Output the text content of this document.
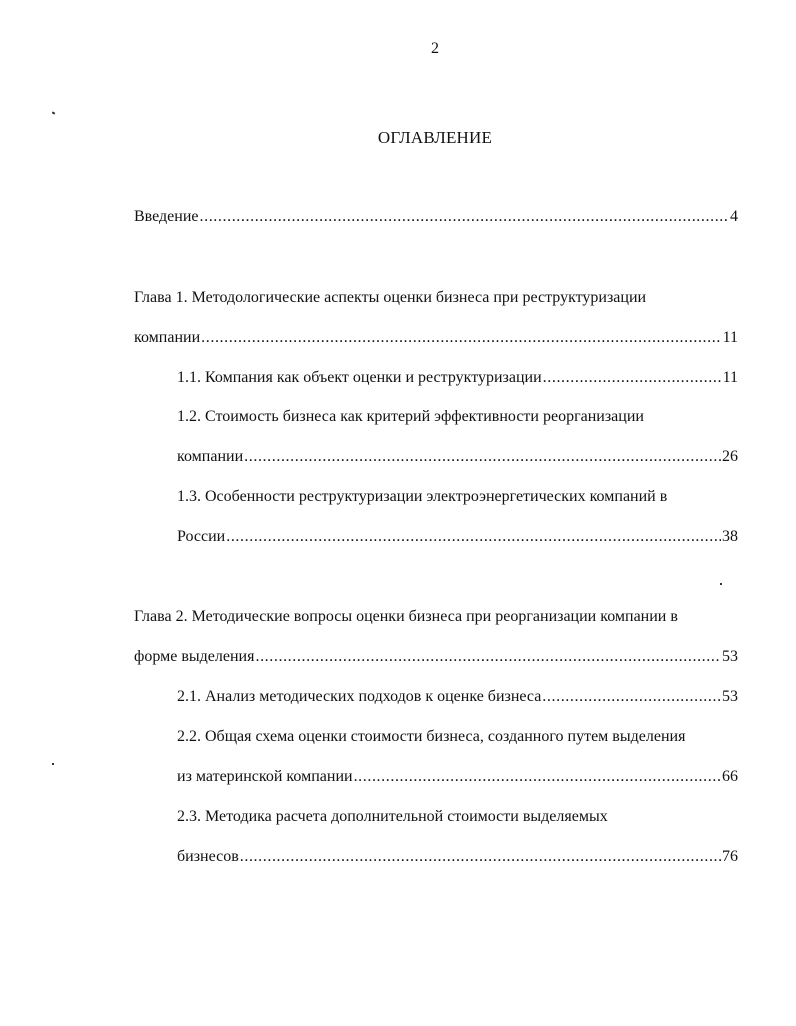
2
ОГЛАВЛЕНИЕ
Введение .....	4
Глава 1. Методологические аспекты оценки бизнеса при реструктуризации
компании .....	11
1.1. Компания как объект оценки и реструктуризации .....	11
1.2. Стоимость бизнеса как критерий эффективности реорганизации
компании .....	26
1.3. Особенности реструктуризации электроэнергетических компаний в
России .....	38
Глава 2. Методические вопросы оценки бизнеса при реорганизации компании в
форме выделения .....	53
2.1. Анализ методических подходов к оценке бизнеса .....	53
2.2. Общая схема оценки стоимости бизнеса, созданного путем выделения
из материнской компании .....	66
2.3. Методика расчета дополнительной стоимости выделяемых
бизнесов .....	76
